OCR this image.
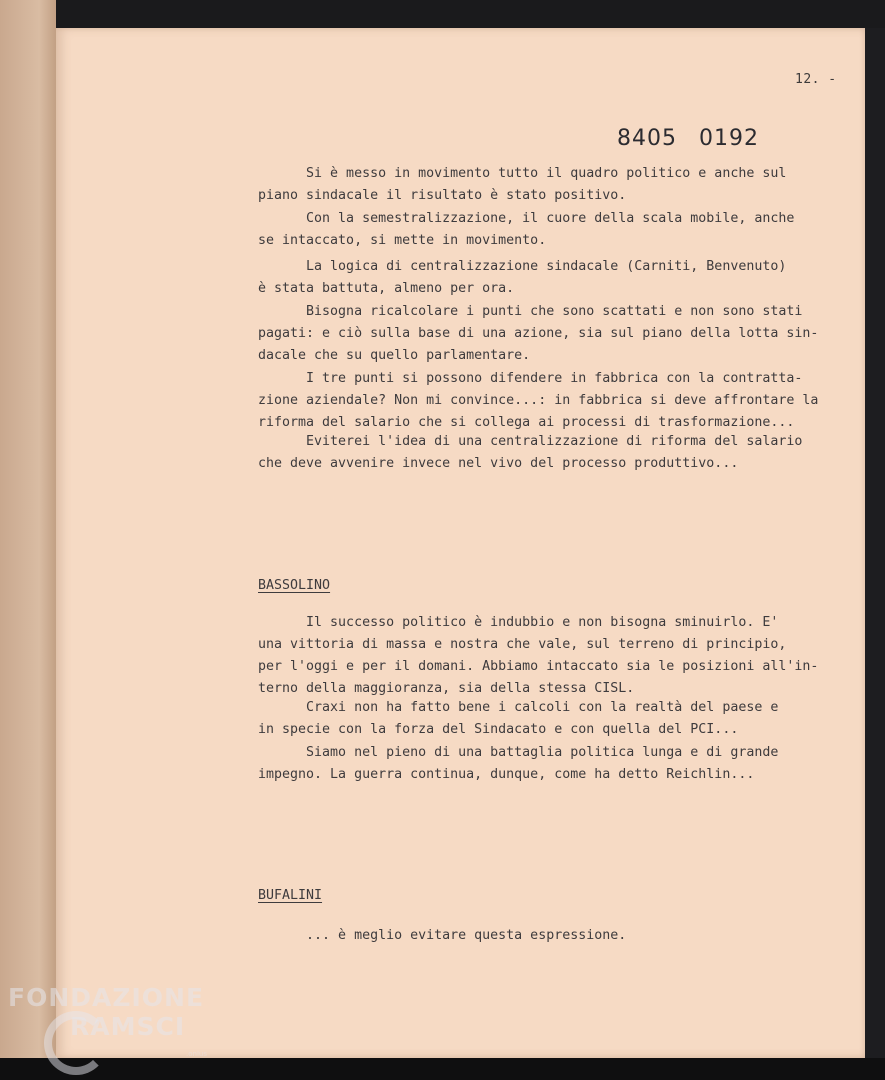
12. -
8405 0192

Si è messo in movimento tutto il quadro politico e anche sul
piano sindacale il risultato è stato positivo.

Con la semestralizzazione, il cuore della scala mobile, anche
se intaccato, si mette in movimento.

La logica di centralizzazione sindacale (Carniti, Benvenuto)
è stata battuta, almeno per ora.

Bisogna ricalcolare i punti che sono scattati e non sono stati
pagati: e ciò sulla base di una azione, sia sul piano della lotta sin-
dacale che su quello parlamentare.

I tre punti si possono difendere in fabbrica con la contratta-
zione aziendale? Non mi convince...: in fabbrica si deve affrontare la
riforma del salario che si collega ai processi di trasformazione...

Eviterei l'idea di una centralizzazione di riforma del salario
che deve avvenire invece nel vivo del processo produttivo...

BASSOLINO

Il successo politico è indubbio e non bisogna sminuirlo. E'
una vittoria di massa e nostra che vale, sul terreno di principio,
per l'oggi e per il domani. Abbiamo intaccato sia le posizioni all'in-
terno della maggioranza, sia della stessa CISL.

Craxi non ha fatto bene i calcoli con la realtà del paese e
in specie con la forza del Sindacato e con quella del PCI...

Siamo nel pieno di una battaglia politica lunga e di grande
impegno. La guerra continua, dunque, come ha detto Reichlin...

BUFALINI

... è meglio evitare questa espressione.

FONDAZIONE
RAMSCI
.onlus
